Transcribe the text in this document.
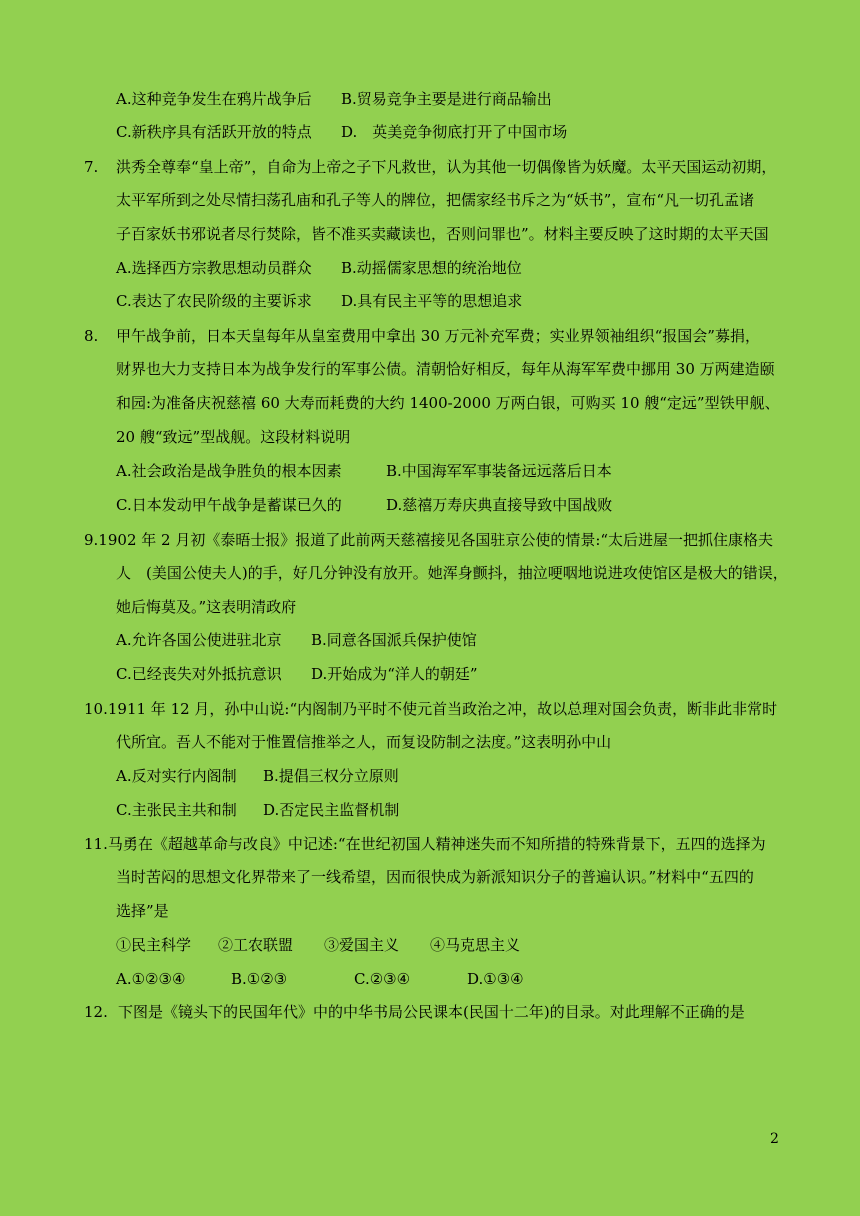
A.这种竞争发生在鸦片战争后 B.贸易竞争主要是进行商品输出
C.新秩序具有活跃开放的特点 D.　英美竞争彻底打开了中国市场
7. 洪秀全尊奉“皇上帝”，自命为上帝之子下凡救世，认为其他一切偶像皆为妖魔。太平天国运动初期，
太平军所到之处尽情扫荡孔庙和孔子等人的牌位，把儒家经书斥之为“妖书”，宣布“凡一切孔孟诸
子百家妖书邪说者尽行焚除，皆不准买卖藏读也，否则问罪也”。材料主要反映了这时期的太平天国
A.选择西方宗教思想动员群众 B.动摇儒家思想的统治地位
C.表达了农民阶级的主要诉求 D.具有民主平等的思想追求
8. 甲午战争前，日本天皇每年从皇室费用中拿出 30 万元补充军费；实业界领袖组织“报国会”募捐，
财界也大力支持日本为战争发行的军事公债。清朝恰好相反，每年从海军军费中挪用 30 万两建造颐
和园:为准备庆祝慈禧 60 大寿而耗费的大约 1400-2000 万两白银，可购买 10 艘“定远”型铁甲舰、
20 艘“致远”型战舰。这段材料说明
A.社会政治是战争胜负的根本因素	B.中国海军军事装备远远落后日本
C.日本发动甲午战争是蓄谋已久的	D.慈禧万寿庆典直接导致中国战败
9.1902 年 2 月初《泰晤士报》报道了此前两天慈禧接见各国驻京公使的情景:“太后进屋一把抓住康格夫
人　(美国公使夫人)的手，好几分钟没有放开。她浑身颤抖，抽泣哽咽地说进攻使馆区是极大的错误，
她后悔莫及。”这表明清政府
A.允许各国公使进驻北京 B.同意各国派兵保护使馆
C.已经丧失对外抵抗意识 D.开始成为“洋人的朝廷”
10.1911 年 12 月，孙中山说:“内阁制乃平时不使元首当政治之冲，故以总理对国会负责，断非此非常时
代所宜。吾人不能对于惟置信推举之人，而复设防制之法度。”这表明孙中山
A.反对实行内阁制 B.提倡三权分立原则
C.主张民主共和制 D.否定民主监督机制
11.马勇在《超越革命与改良》中记述:“在世纪初国人精神迷失而不知所措的特殊背景下，五四的选择为
当时苦闷的思想文化界带来了一线希望，因而很快成为新派知识分子的普遍认识。”材料中“五四的
选择”是
①民主科学 ②工农联盟 ③爱国主义 ④马克思主义
A.①②③④	B.①②③	C.②③④	D.①③④
12. 下图是《镜头下的民国年代》中的中华书局公民课本(民国十二年)的目录。对此理解不正确的是
2
